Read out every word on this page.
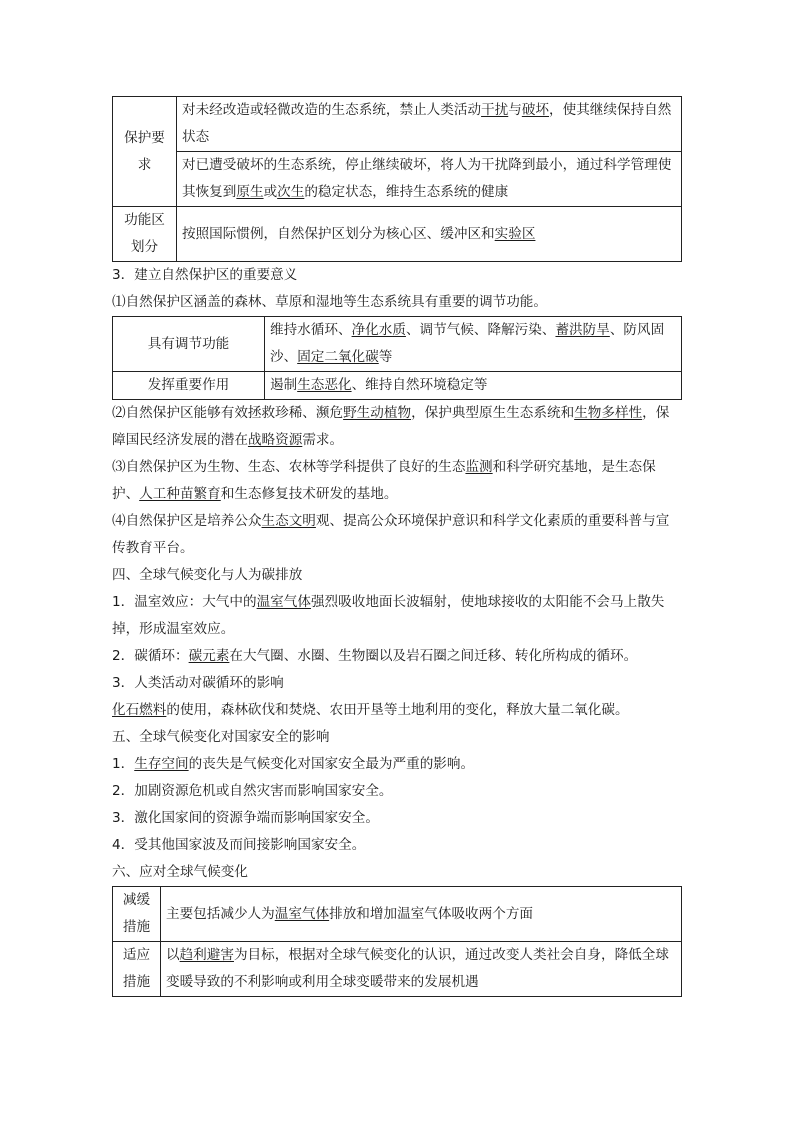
保护要
求	对未经改造或轻微改造的生态系统，禁止人类活动干扰与破坏，使其继续保持自然状态
	对已遭受破坏的生态系统，停止继续破坏，将人为干扰降到最小，通过科学管理使其恢复到原生或次生的稳定状态，维持生态系统的健康

功能区
划分	按照国际惯例，自然保护区划分为核心区、缓冲区和实验区
3．建立自然保护区的重要意义
⑴自然保护区涵盖的森林、草原和湿地等生态系统具有重要的调节功能。
具有调节功能	维持水循环、净化水质、调节气候、降解污染、蓄洪防旱、防风固沙、固定二氧化碳等
发挥重要作用	遏制生态恶化、维持自然环境稳定等
⑵自然保护区能够有效拯救珍稀、濒危野生动植物，保护典型原生生态系统和生物多样性，保障国民经济发展的潜在战略资源需求。
⑶自然保护区为生物、生态、农林等学科提供了良好的生态监测和科学研究基地，是生态保护、人工种苗繁育和生态修复技术研发的基地。
⑷自然保护区是培养公众生态文明观、提高公众环境保护意识和科学文化素质的重要科普与宣传教育平台。
四、全球气候变化与人为碳排放
1．温室效应：大气中的温室气体强烈吸收地面长波辐射，使地球接收的太阳能不会马上散失掉，形成温室效应。
2．碳循环：碳元素在大气圈、水圈、生物圈以及岩石圈之间迁移、转化所构成的循环。
3．人类活动对碳循环的影响
化石燃料的使用，森林砍伐和焚烧、农田开垦等土地利用的变化，释放大量二氧化碳。
五、全球气候变化对国家安全的影响
1．生存空间的丧失是气候变化对国家安全最为严重的影响。
2．加剧资源危机或自然灾害而影响国家安全。
3．激化国家间的资源争端而影响国家安全。
4．受其他国家波及而间接影响国家安全。
六、应对全球气候变化
减缓
措施	主要包括减少人为温室气体排放和增加温室气体吸收两个方面

适应
措施	以趋利避害为目标，根据对全球气候变化的认识，通过改变人类社会自身，降低全球变暖导致的不利影响或利用全球变暖带来的发展机遇
